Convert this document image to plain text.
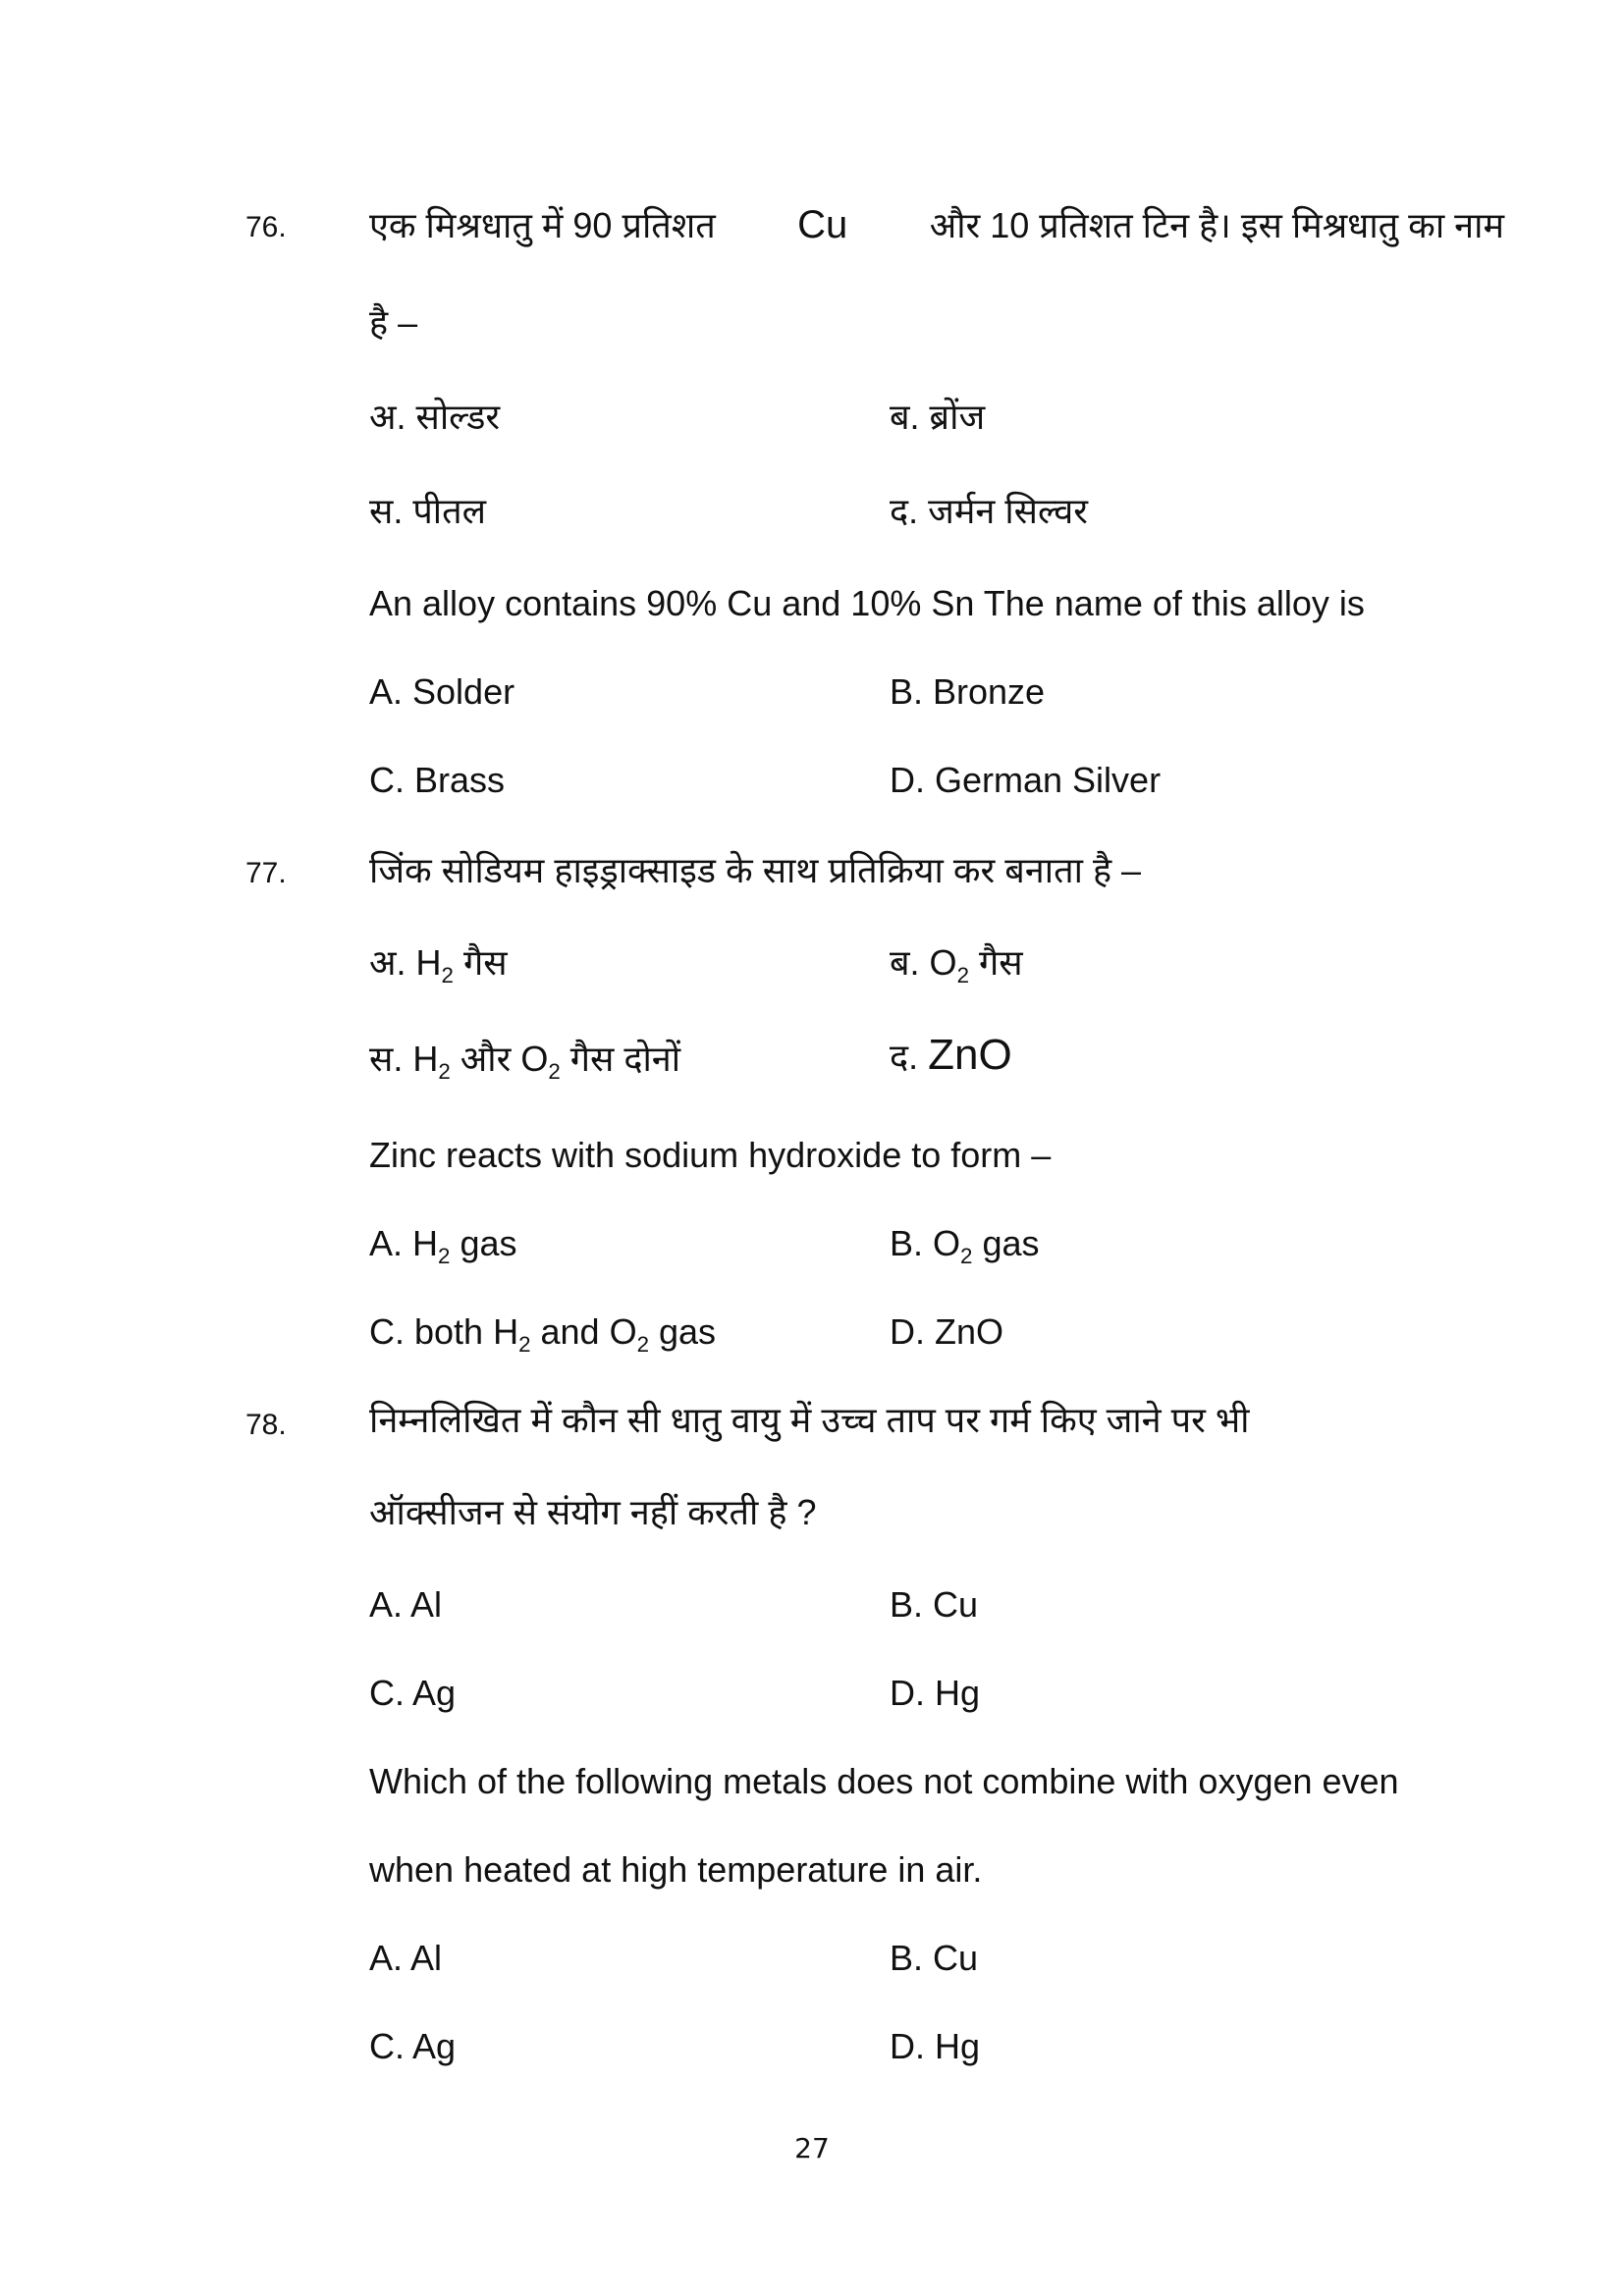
76. एक मिश्रधातु में 90 प्रतिशत Cu और 10 प्रतिशत टिन है। इस मिश्रधातु का नाम
है –
अ. सोल्डर	ब. ब्रोंज
स. पीतल	द. जर्मन सिल्वर
An alloy contains 90% Cu and 10% Sn The name of this alloy is
A. Solder	B. Bronze
C. Brass	D. German Silver
77. जिंक सोडियम हाइड्राक्साइड के साथ प्रतिक्रिया कर बनाता है –
अ. $H_2$ गैस	ब. $O_2$ गैस
स. $H_2$ और $O_2$ गैस दोनों	द. ZnO
Zinc reacts with sodium hydroxide to form –
A. $H_2$ gas	B. $O_2$ gas
C. both $H_2$ and $O_2$ gas	D. ZnO
78. निम्नलिखित में कौन सी धातु वायु में उच्च ताप पर गर्म किए जाने पर भी
ऑक्सीजन से संयोग नहीं करती है ?
A. Al	B. Cu
C. Ag	D. Hg
Which of the following metals does not combine with oxygen even
when heated at high temperature in air.
A. Al	B. Cu
C. Ag	D. Hg
27
